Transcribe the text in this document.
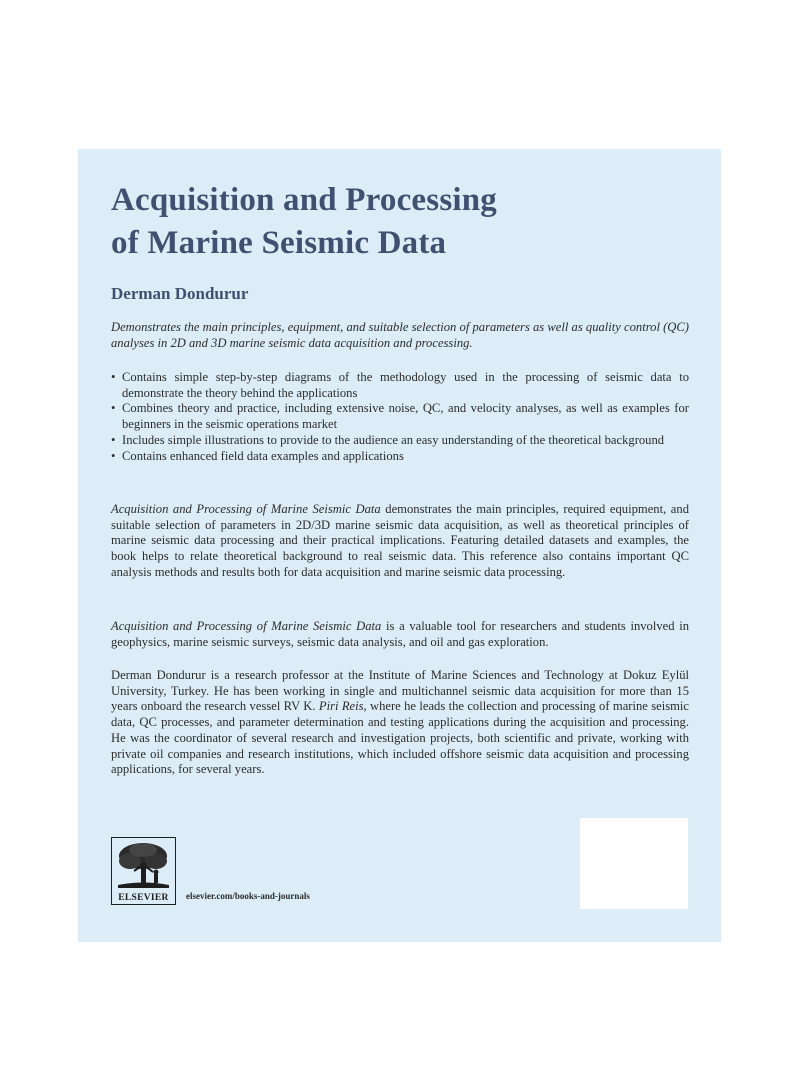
Acquisition and Processing
of Marine Seismic Data
Derman Dondurur
Demonstrates the main principles, equipment, and suitable selection of parameters as well as quality control (QC) analyses in 2D and 3D marine seismic data acquisition and processing.
• Contains simple step-by-step diagrams of the methodology used in the processing of seismic data to demonstrate the theory behind the applications
• Combines theory and practice, including extensive noise, QC, and velocity analyses, as well as examples for beginners in the seismic operations market
• Includes simple illustrations to provide to the audience an easy understanding of the theoretical background
• Contains enhanced field data examples and applications
Acquisition and Processing of Marine Seismic Data demonstrates the main principles, required equipment, and suitable selection of parameters in 2D/3D marine seismic data acquisition, as well as theoretical principles of marine seismic data processing and their practical implications. Featuring detailed datasets and examples, the book helps to relate theoretical background to real seismic data. This reference also contains important QC analysis methods and results both for data acquisition and marine seismic data processing.
Acquisition and Processing of Marine Seismic Data is a valuable tool for researchers and students involved in geophysics, marine seismic surveys, seismic data analysis, and oil and gas exploration.
Derman Dondurur is a research professor at the Institute of Marine Sciences and Technology at Dokuz Eylül University, Turkey. He has been working in single and multichannel seismic data acquisition for more than 15 years onboard the research vessel RV K. Piri Reis, where he leads the collection and processing of marine seismic data, QC processes, and parameter determination and testing applications during the acquisition and processing. He was the coordinator of several research and investigation projects, both scientific and private, working with private oil companies and research institutions, which included offshore seismic data acquisition and processing applications, for several years.
ELSEVIER	elsevier.com/books-and-journals
